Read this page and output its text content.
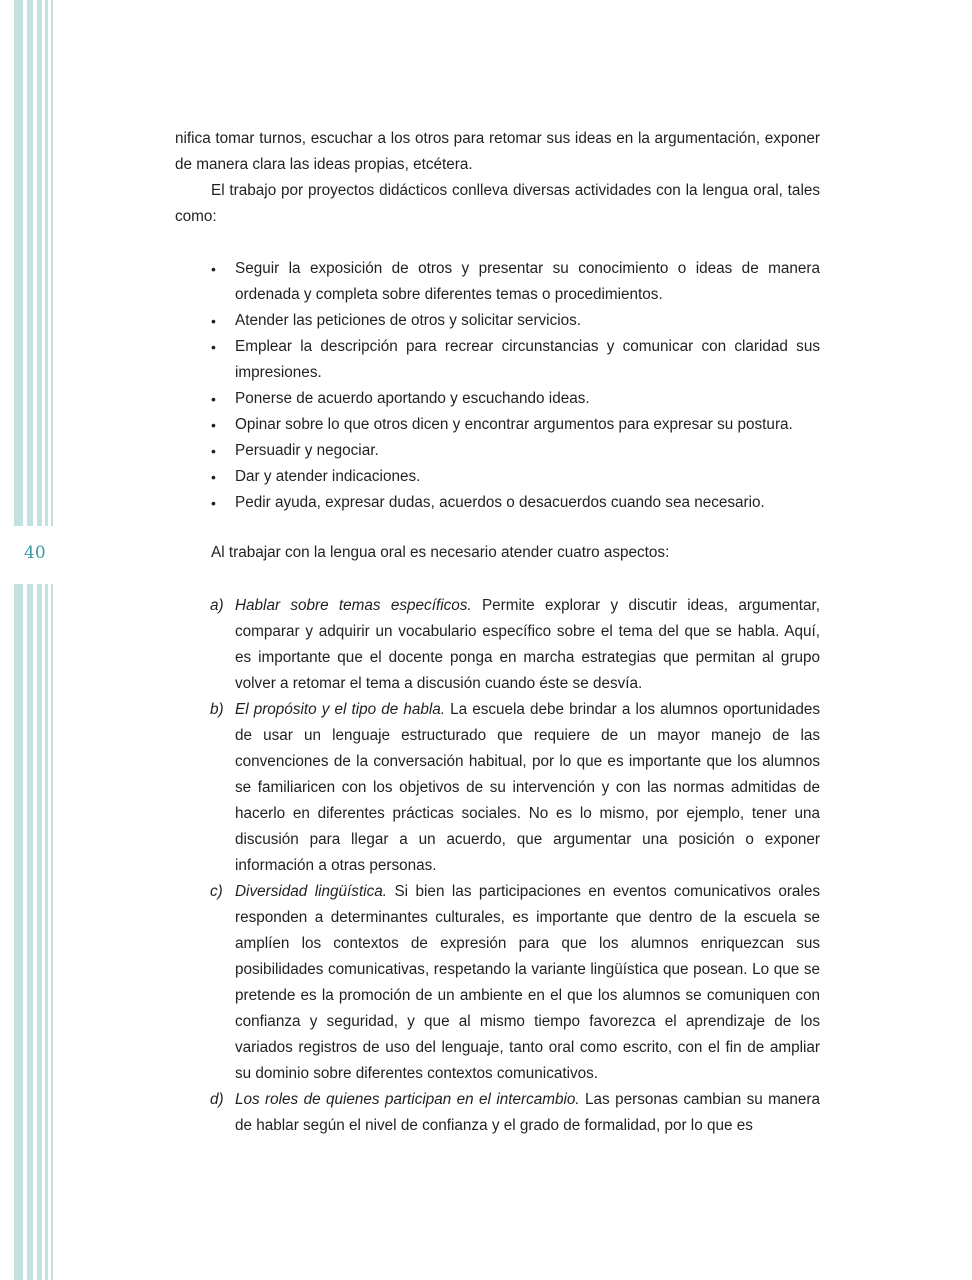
40

nifica tomar turnos, escuchar a los otros para retomar sus ideas en la argumentación, exponer de manera clara las ideas propias, etcétera.

El trabajo por proyectos didácticos conlleva diversas actividades con la lengua oral, tales como:

• Seguir la exposición de otros y presentar su conocimiento o ideas de manera ordenada y completa sobre diferentes temas o procedimientos.
• Atender las peticiones de otros y solicitar servicios.
• Emplear la descripción para recrear circunstancias y comunicar con claridad sus impresiones.
• Ponerse de acuerdo aportando y escuchando ideas.
• Opinar sobre lo que otros dicen y encontrar argumentos para expresar su postura.
• Persuadir y negociar.
• Dar y atender indicaciones.
• Pedir ayuda, expresar dudas, acuerdos o desacuerdos cuando sea necesario.
Al trabajar con la lengua oral es necesario atender cuatro aspectos:
a) Hablar sobre temas específicos. Permite explorar y discutir ideas, argumentar, comparar y adquirir un vocabulario específico sobre el tema del que se habla. Aquí, es importante que el docente ponga en marcha estrategias que permitan al grupo volver a retomar el tema a discusión cuando éste se desvía.
b) El propósito y el tipo de habla. La escuela debe brindar a los alumnos oportunidades de usar un lenguaje estructurado que requiere de un mayor manejo de las convenciones de la conversación habitual, por lo que es importante que los alumnos se familiaricen con los objetivos de su intervención y con las normas admitidas de hacerlo en diferentes prácticas sociales. No es lo mismo, por ejemplo, tener una discusión para llegar a un acuerdo, que argumentar una posición o exponer información a otras personas.
c) Diversidad lingüística. Si bien las participaciones en eventos comunicativos orales responden a determinantes culturales, es importante que dentro de la escuela se amplíen los contextos de expresión para que los alumnos enriquezcan sus posibilidades comunicativas, respetando la variante lingüística que posean. Lo que se pretende es la promoción de un ambiente en el que los alumnos se comuniquen con confianza y seguridad, y que al mismo tiempo favorezca el aprendizaje de los variados registros de uso del lenguaje, tanto oral como escrito, con el fin de ampliar su dominio sobre diferentes contextos comunicativos.
d) Los roles de quienes participan en el intercambio. Las personas cambian su manera de hablar según el nivel de confianza y el grado de formalidad, por lo que es
